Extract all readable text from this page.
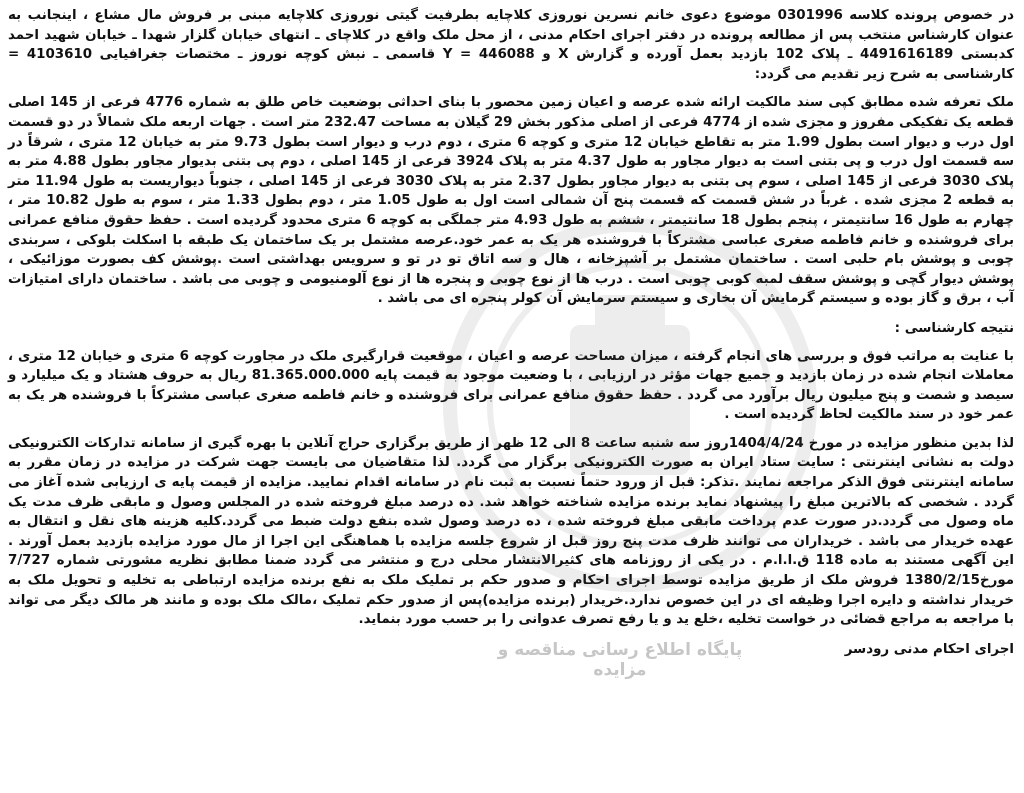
در خصوص پرونده کلاسه 0301996 موضوع دعوی خانم نسرین نوروزی کلاچایه بطرفیت گیتی نوروزی کلاچایه مبنی بر فروش مال مشاع ، اینجانب به عنوان کارشناس منتخب پس از مطالعه پرونده در دفتر اجرای احکام مدنی ، از محل ملک واقع در کلاچای ـ انتهای خیابان گلزار شهدا ـ خیابان شهید احمد کدبستی 4491616189 ـ پلاک 102 بازدید بعمل آورده و گزارش X و 446088 = Y قاسمی ـ نبش کوچه نوروز ـ مختصات جغرافیایی 4103610 = کارشناسی به شرح زیر تقدیم می گردد:

ملک تعرفه شده مطابق کپی سند مالکیت ارائه شده عرصه و اعیان زمین محصور با بنای احداثی بوضعیت خاص طلق به شماره 4776 فرعی از 145 اصلی قطعه یک تفکیکی مفروز و مجزی شده از 4774 فرعی از اصلی مذکور بخش 29 گیلان به مساحت 232.47 متر است . جهات اربعه ملک شمالاً در دو قسمت اول درب و دیوار است بطول 1.99 متر به تقاطع خیابان 12 متری و کوچه 6 متری ، دوم درب و دیوار است بطول 9.73 متر به خیابان 12 متری ، شرقاً در سه قسمت اول درب و پی بتنی است به دیوار مجاور به طول 4.37 متر به پلاک 3924 فرعی از 145 اصلی ، دوم پی بتنی بدیوار مجاور بطول 4.88 متر به پلاک 3030 فرعی از 145 اصلی ، سوم پی بتنی به دیوار مجاور بطول 2.37 متر به پلاک 3030 فرعی از 145 اصلی ، جنوباً دیواریست به طول 11.94 متر به قطعه 2 مجزی شده . غرباً در شش قسمت که قسمت پنج آن شمالی است اول به طول 1.05 متر ، دوم بطول 1.33 متر ، سوم به طول 10.82 متر ، چهارم به طول 16 سانتیمتر ، پنجم بطول 18 سانتیمتر ، ششم به طول 4.93 متر جملگی به کوچه 6 متری محدود گردیده است . حفظ حقوق منافع عمرانی برای فروشنده و خانم فاطمه صغری عباسی مشترکاً با فروشنده هر یک به عمر خود.عرصه مشتمل بر یک ساختمان یک طبقه با اسکلت بلوکی ، سربندی چوبی و پوشش بام حلبی است . ساختمان مشتمل بر آشپزخانه ، هال و سه اتاق تو در تو و سرویس بهداشتی است .پوشش کف بصورت موزائیکی ، پوشش دیوار گچی و پوشش سقف لمبه کوبی چوبی است . درب ها از نوع چوبی و پنجره ها از نوع آلومنیومی و چوبی می باشد . ساختمان دارای امتیازات آب ، برق و گاز بوده و سیستم گرمایش آن بخاری و سیستم سرمایش آن کولر پنجره ای می باشد .

نتیجه کارشناسی :

با عنایت به مراتب فوق و بررسی های انجام گرفته ، میزان مساحت عرصه و اعیان ، موقعیت قرارگیری ملک در مجاورت کوچه 6 متری و خیابان 12 متری ، معاملات انجام شده در زمان بازدید و جمیع جهات مؤثر در ارزیابی ، با وضعیت موجود به قیمت پایه 81.365.000.000 ریال به حروف هشتاد و یک میلیارد و سیصد و شصت و پنج میلیون ریال برآورد می گردد . حفظ حقوق منافع عمرانی برای فروشنده و خانم فاطمه صغری عباسی مشترکاً با فروشنده هر یک به عمر خود در سند مالکیت لحاظ گردیده است .

لذا بدین منظور مزایده در مورخ 1404/4/24روز سه شنبه ساعت 8 الی 12 ظهر از طریق برگزاری حراج آنلاین با بهره گیری از سامانه تدارکات الکترونیکی دولت به نشانی اینترنتی : سایت ستاد ایران به صورت الکترونیکی برگزار می گردد. لذا متقاضیان می بایست جهت شرکت در مزایده در زمان مقرر به سامانه اینترنتی فوق الذکر مراجعه نمایند .تذکر: قبل از ورود حتماً نسبت به ثبت نام در سامانه اقدام نمایید. مزایده از قیمت پایه ی ارزیابی شده آغاز می گردد . شخصی که بالاترین مبلغ را پیشنهاد نماید برنده مزایده شناخته خواهد شد. ده درصد مبلغ فروخته شده در المجلس وصول و مابقی ظرف مدت یک ماه وصول می گردد.در صورت عدم پرداخت مابقی مبلغ فروخته شده ، ده درصد وصول شده بنفع دولت ضبط می گردد.کلیه هزینه های نقل و انتقال به عهده خریدار می باشد . خریداران می توانند ظرف مدت پنج روز قبل از شروع جلسه مزایده با هماهنگی این اجرا از مال مورد مزایده بازدید بعمل آورند . این آگهی مستند به ماده 118 ق.ا.ا.م . در یکی از روزنامه های کثیرالانتشار محلی درج و منتشر می گردد ضمنا مطابق نظریه مشورتی شماره 7/727 مورخ1380/2/15 فروش ملک از طریق مزایده توسط اجرای احکام و صدور حکم بر تملیک ملک به نفع برنده مزایده ارتباطی به تخلیه و تحویل ملک به خریدار نداشته و دایره اجرا وظیفه ای در این خصوص ندارد.خریدار (برنده مزایده)پس از صدور حکم تملیک ،مالک ملک بوده و مانند هر مالک دیگر می تواند با مراجعه به مراجع قضائی در خواست تخلیه ،خلع ید و یا رفع تصرف عدوانی را بر حسب مورد بنماید.

اجرای احکام مدنی رودسر

پایگاه اطلاع رسانی مناقصه و مزایده
